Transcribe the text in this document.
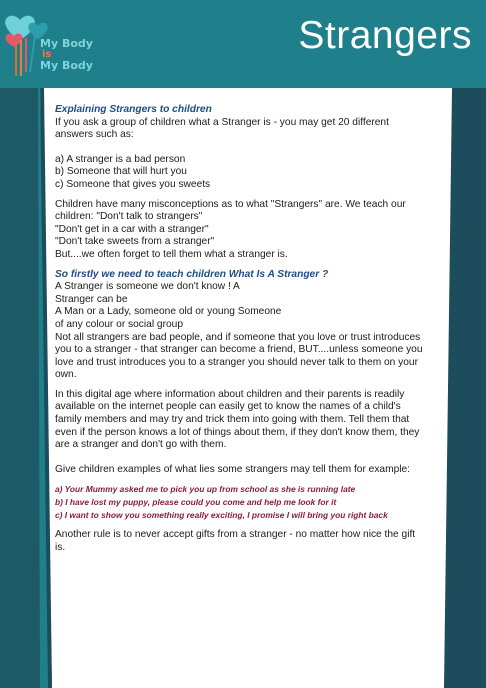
My Body
is
My Body
Strangers

Explaining Strangers to children

If you ask a group of children what a Stranger is - you may get 20 different

answers such as:

a) A stranger is a bad person

b) Someone that will hurt you

c) Someone that gives you sweets

Children have many misconceptions as to what "Strangers" are. We teach our

children: "Don't talk to strangers"

"Don't get in a car with a stranger"

"Don't take sweets from a stranger"

But....we often forget to tell them what a stranger is.

So firstly we need to teach children What Is A Stranger ?

A Stranger is someone we don't know ! A

Stranger can be

A Man or a Lady, someone old or young Someone

of any colour or social group

Not all strangers are bad people, and if someone that you love or trust introduces

you to a stranger - that stranger can become a friend, BUT....unless someone you

love and trust introduces you to a stranger you should never talk to them on your

own.

In this digital age where information about children and their parents is readily

available on the internet people can easily get to know the names of a child's

family members and may try and trick them into going with them. Tell them that

even if the person knows a lot of things about them, if they don't know them, they

are a stranger and don't go with them.

Give children examples of what lies some strangers may tell them for example:

a) Your Mummy asked me to pick you up from school as she is running late

b) I have lost my puppy, please could you come and help me look for it

c) I want to show you something really exciting, I promise I will bring you right back

Another rule is to never accept gifts from a stranger - no matter how nice the gift

is.
